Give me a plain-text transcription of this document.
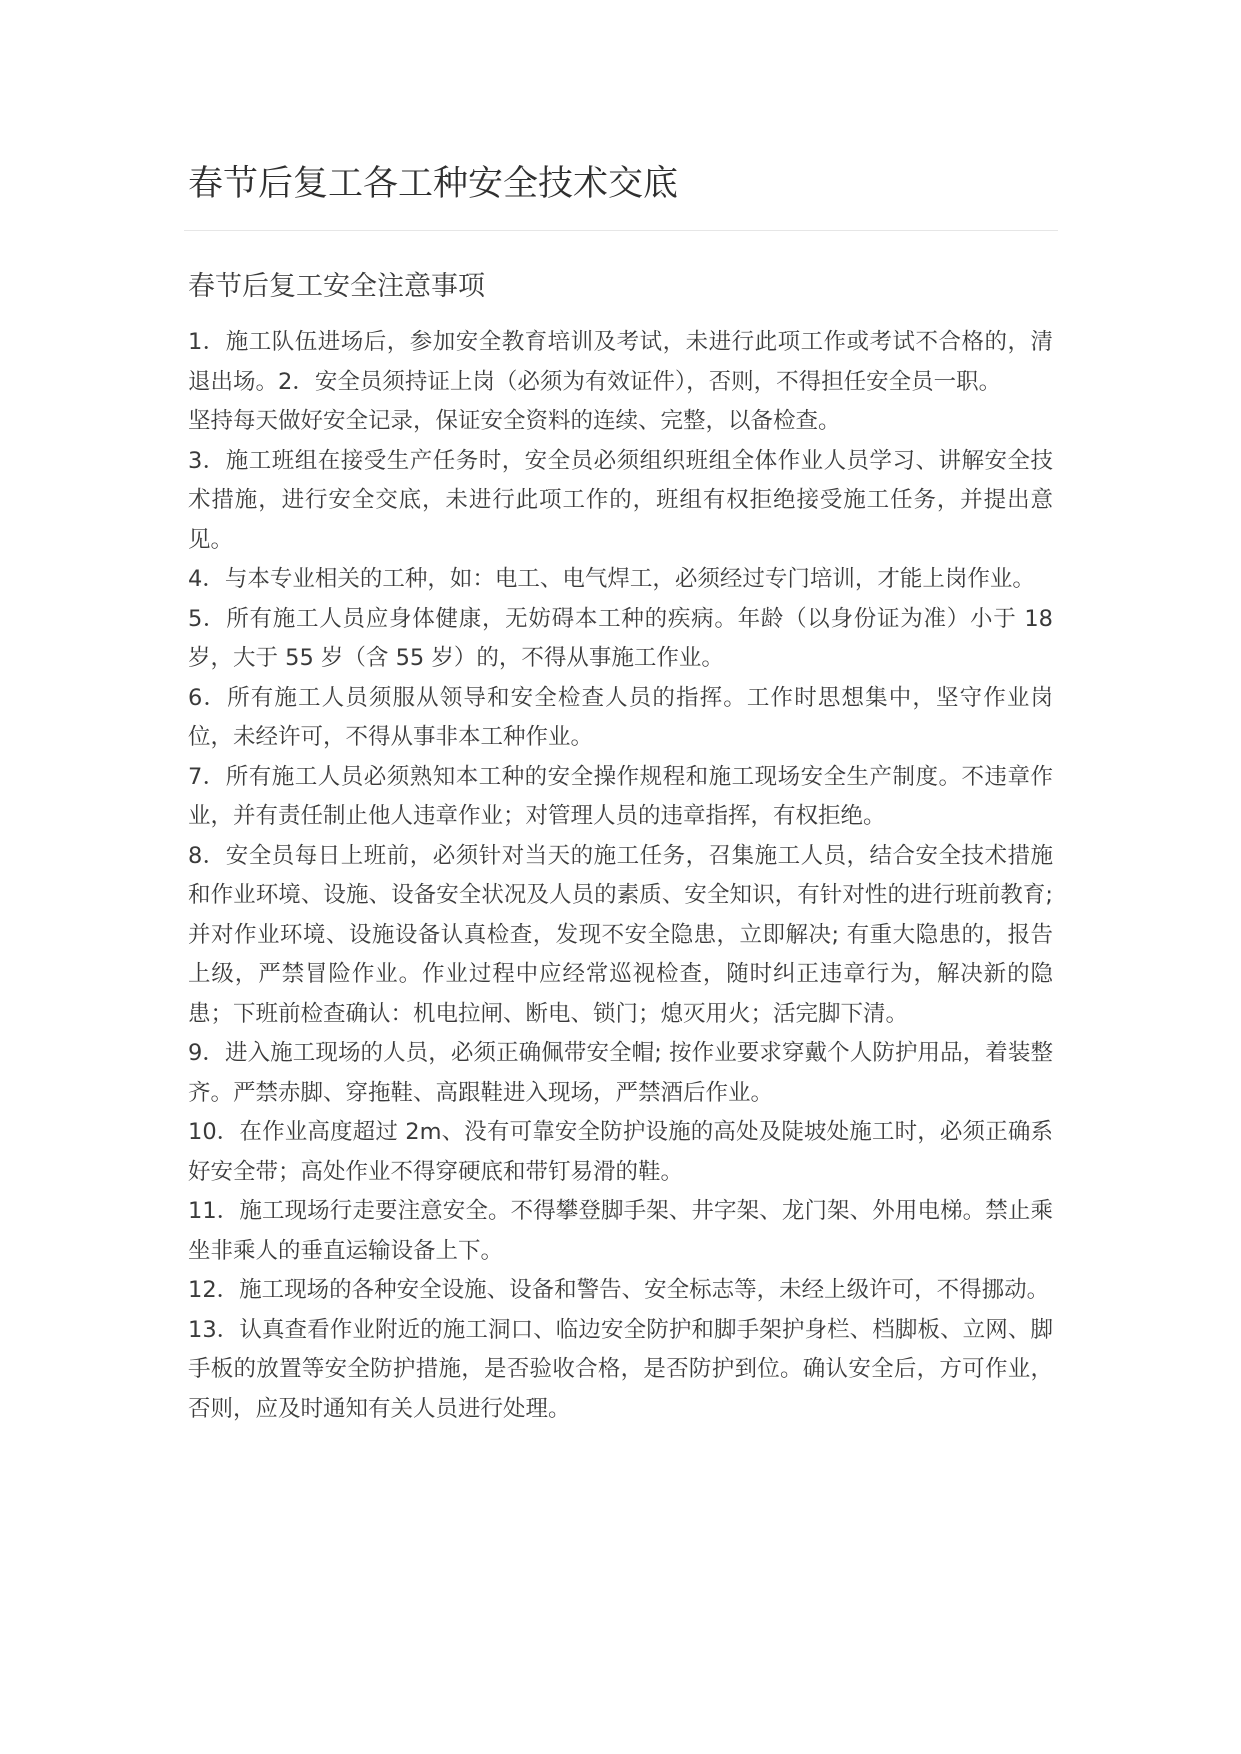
春节后复工各工种安全技术交底
春节后复工安全注意事项

1．施工队伍进场后，参加安全教育培训及考试，未进行此项工作或考试不合格的，清退出场。2．安全员须持证上岗（必须为有效证件），否则，不得担任安全员一职。

坚持每天做好安全记录，保证安全资料的连续、完整，以备检查。

3．施工班组在接受生产任务时，安全员必须组织班组全体作业人员学习、讲解安全技术措施，进行安全交底，未进行此项工作的，班组有权拒绝接受施工任务，并提出意见。

4．与本专业相关的工种，如：电工、电气焊工，必须经过专门培训，才能上岗作业。

5．所有施工人员应身体健康，无妨碍本工种的疾病。年龄（以身份证为准）小于 18 岁，大于 55 岁（含 55 岁）的，不得从事施工作业。

6．所有施工人员须服从领导和安全检查人员的指挥。工作时思想集中，坚守作业岗位，未经许可，不得从事非本工种作业。

7．所有施工人员必须熟知本工种的安全操作规程和施工现场安全生产制度。不违章作业，并有责任制止他人违章作业；对管理人员的违章指挥，有权拒绝。

8．安全员每日上班前，必须针对当天的施工任务，召集施工人员，结合安全技术措施和作业环境、设施、设备安全状况及人员的素质、安全知识，有针对性的进行班前教育; 并对作业环境、设施设备认真检查，发现不安全隐患，立即解决; 有重大隐患的，报告上级，严禁冒险作业。作业过程中应经常巡视检查，随时纠正违章行为，解决新的隐患；下班前检查确认：机电拉闸、断电、锁门；熄灭用火；活完脚下清。

9．进入施工现场的人员，必须正确佩带安全帽; 按作业要求穿戴个人防护用品，着装整齐。严禁赤脚、穿拖鞋、高跟鞋进入现场，严禁酒后作业。

10．在作业高度超过 2m、没有可靠安全防护设施的高处及陡坡处施工时，必须正确系好安全带；高处作业不得穿硬底和带钉易滑的鞋。

11．施工现场行走要注意安全。不得攀登脚手架、井字架、龙门架、外用电梯。禁止乘坐非乘人的垂直运输设备上下。

12．施工现场的各种安全设施、设备和警告、安全标志等，未经上级许可，不得挪动。

13．认真查看作业附近的施工洞口、临边安全防护和脚手架护身栏、档脚板、立网、脚手板的放置等安全防护措施，是否验收合格，是否防护到位。确认安全后，方可作业，否则，应及时通知有关人员进行处理。
